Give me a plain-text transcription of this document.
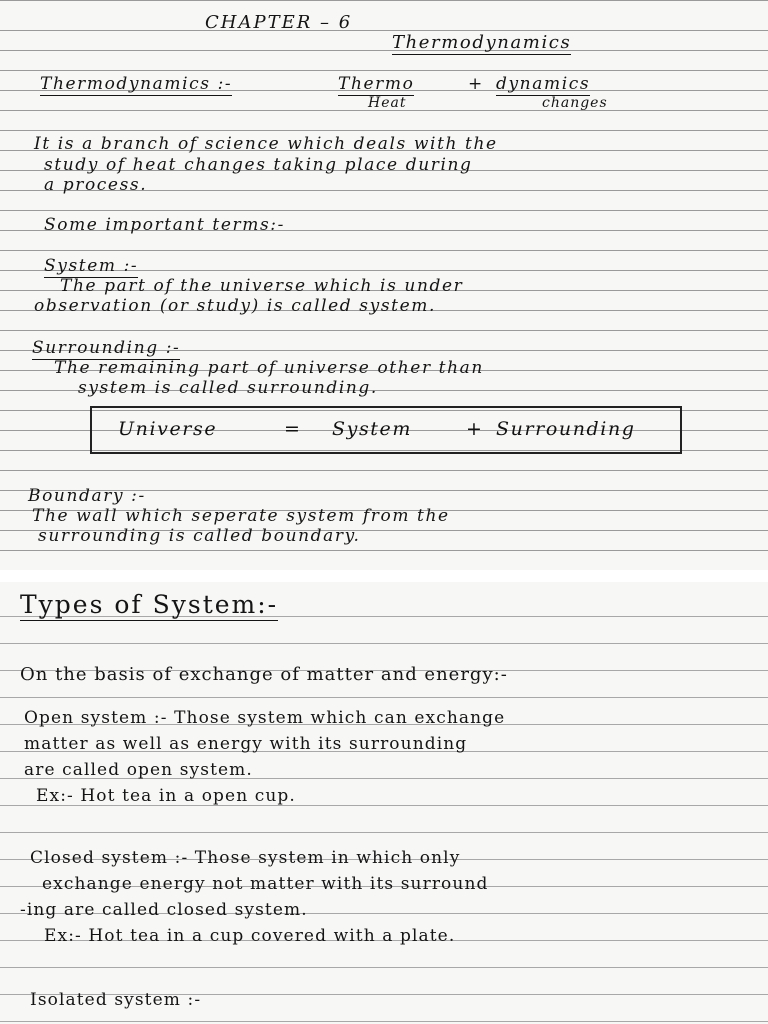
CHAPTER – 6
Thermodynamics
Thermodynamics :-	Thermo	+ dynamics
Heat	changes
It is a branch of science which deals with the
study of heat changes taking place during
a process.
Some important terms:-
System :-
The part of the universe which is under
observation (or study) is called system.
Surrounding :-
The remaining part of universe other than
system is called surrounding.
Universe	= System	+ Surrounding
Boundary :-
The wall which seperate system from the
surrounding is called boundary.
Types of System:-
On the basis of exchange of matter and energy:-
Open system :- Those system which can exchange
matter as well as energy with its surrounding
are called open system.
Ex:- Hot tea in a open cup.
Closed system :- Those system in which only
exchange energy not matter with its surround
-ing are called closed system.
Ex:- Hot tea in a cup covered with a plate.
Isolated system :-
